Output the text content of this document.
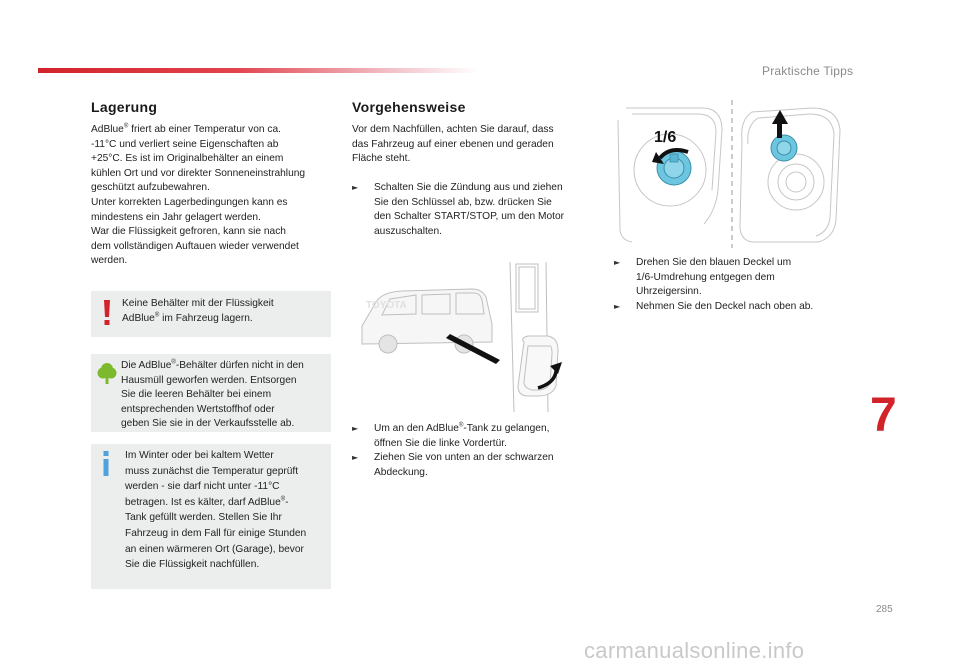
Praktische Tipps
Lagerung
AdBlue® friert ab einer Temperatur von ca.
-11°C und verliert seine Eigenschaften ab
+25°C. Es ist im Originalbehälter an einem
kühlen Ort und vor direkter Sonneneinstrahlung
geschützt aufzubewahren.
Unter korrekten Lagerbedingungen kann es
mindestens ein Jahr gelagert werden.
War die Flüssigkeit gefroren, kann sie nach
dem vollständigen Auftauen wieder verwendet
werden.
Keine Behälter mit der Flüssigkeit
AdBlue® im Fahrzeug lagern.
Die AdBlue®-Behälter dürfen nicht in den
Hausmüll geworfen werden. Entsorgen
Sie die leeren Behälter bei einem
entsprechenden Wertstoffhof oder
geben Sie sie in der Verkaufsstelle ab.
Im Winter oder bei kaltem Wetter
muss zunächst die Temperatur geprüft
werden - sie darf nicht unter -11°C
betragen. Ist es kälter, darf AdBlue®-
Tank gefüllt werden. Stellen Sie Ihr
Fahrzeug in dem Fall für einige Stunden
an einen wärmeren Ort (Garage), bevor
Sie die Flüssigkeit nachfüllen.
Vorgehensweise
Vor dem Nachfüllen, achten Sie darauf, dass
das Fahrzeug auf einer ebenen und geraden
Fläche steht.
► Schalten Sie die Zündung aus und ziehen
Sie den Schlüssel ab, bzw. drücken Sie
den Schalter START/STOP, um den Motor
auszuschalten.
TOYOTA
► Um an den AdBlue®-Tank zu gelangen,
öffnen Sie die linke Vordertür.
► Ziehen Sie von unten an der schwarzen
Abdeckung.
1/6
► Drehen Sie den blauen Deckel um
1/6-Umdrehung entgegen dem
Uhrzeigersinn.
►	Nehmen Sie den Deckel nach oben ab.
7
285
carmanualsonline.info
